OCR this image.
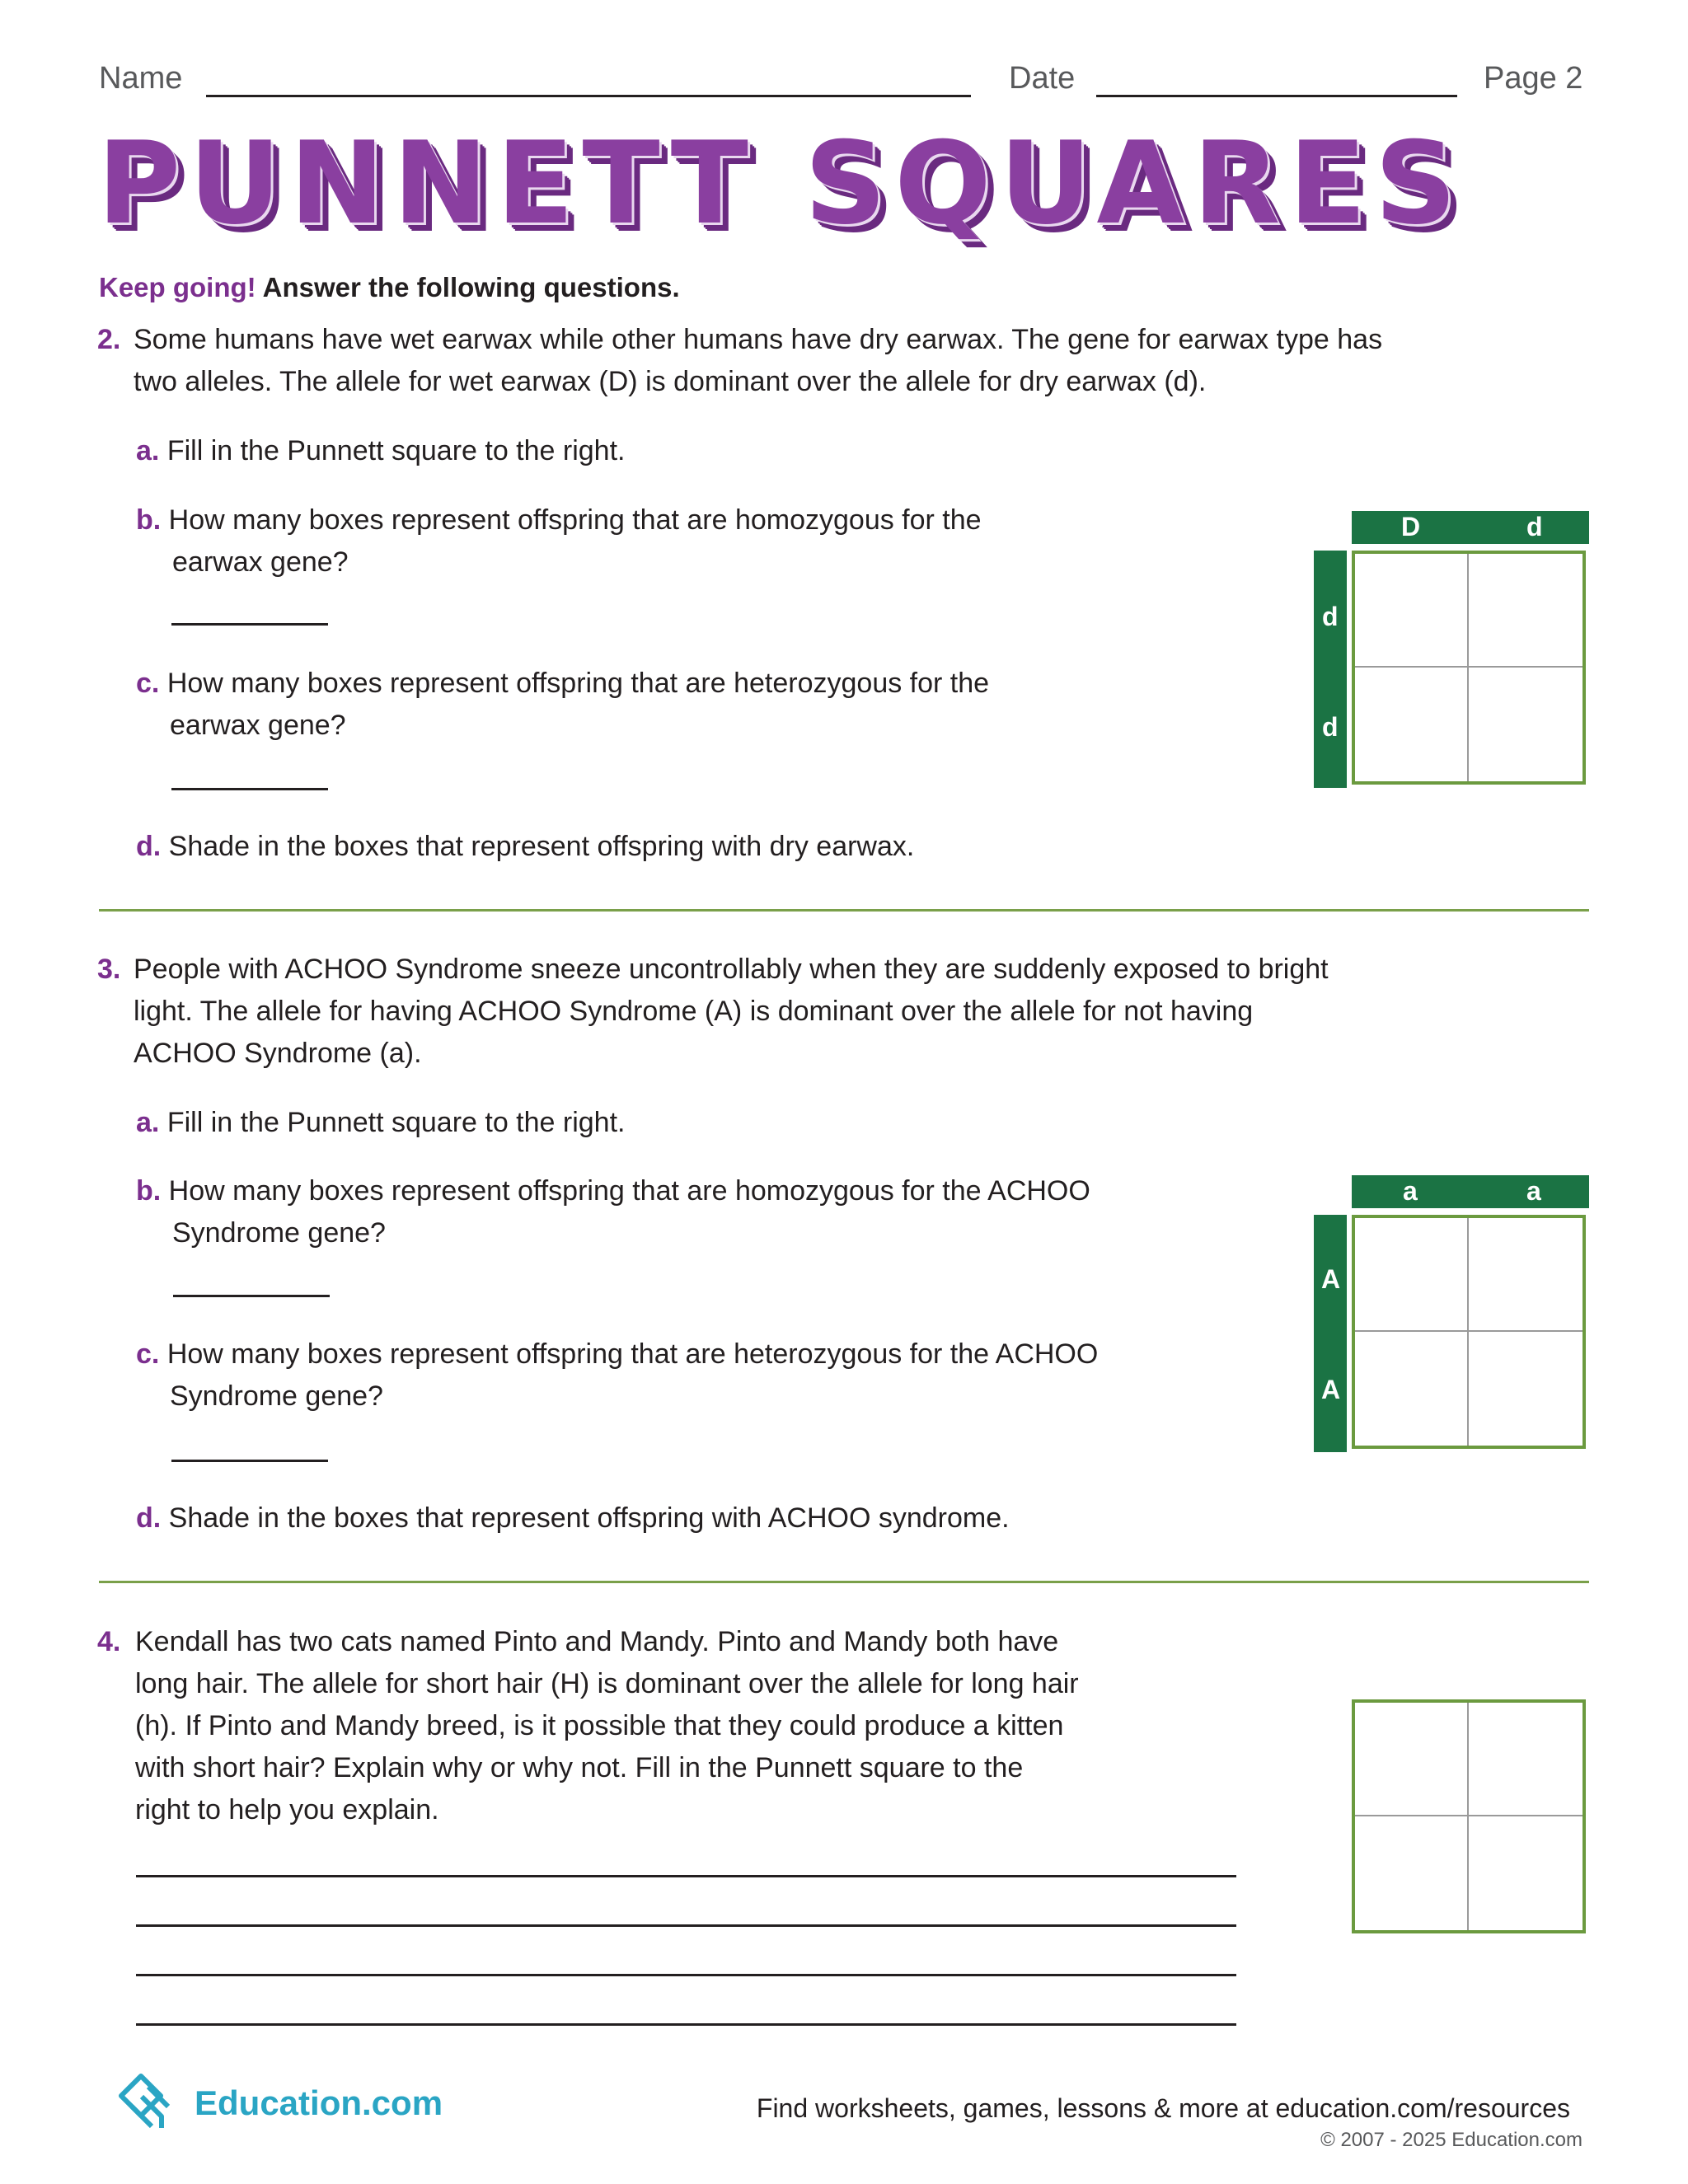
Name	Date	Page 2
PUNNETT SQUARES
Keep going! Answer the following questions.
2. Some humans have wet earwax while other humans have dry earwax. The gene for earwax type has
two alleles. The allele for wet earwax (D) is dominant over the allele for dry earwax (d).
a. Fill in the Punnett square to the right.
b. How many boxes represent offspring that are homozygous for the
earwax gene?
c. How many boxes represent offspring that are heterozygous for the
earwax gene?
d. Shade in the boxes that represent offspring with dry earwax.
D	d
d
d
3. People with ACHOO Syndrome sneeze uncontrollably when they are suddenly exposed to bright
light. The allele for having ACHOO Syndrome (A) is dominant over the allele for not having
ACHOO Syndrome (a).
a. Fill in the Punnett square to the right.
b. How many boxes represent offspring that are homozygous for the ACHOO
Syndrome gene?
c. How many boxes represent offspring that are heterozygous for the ACHOO
Syndrome gene?
d. Shade in the boxes that represent offspring with ACHOO syndrome.
a	a
A
A
4. Kendall has two cats named Pinto and Mandy. Pinto and Mandy both have
long hair. The allele for short hair (H) is dominant over the allele for long hair
(h). If Pinto and Mandy breed, is it possible that they could produce a kitten
with short hair? Explain why or why not. Fill in the Punnett square to the
right to help you explain.
Education.com	Find worksheets, games, lessons & more at education.com/resources
© 2007 - 2025 Education.com
